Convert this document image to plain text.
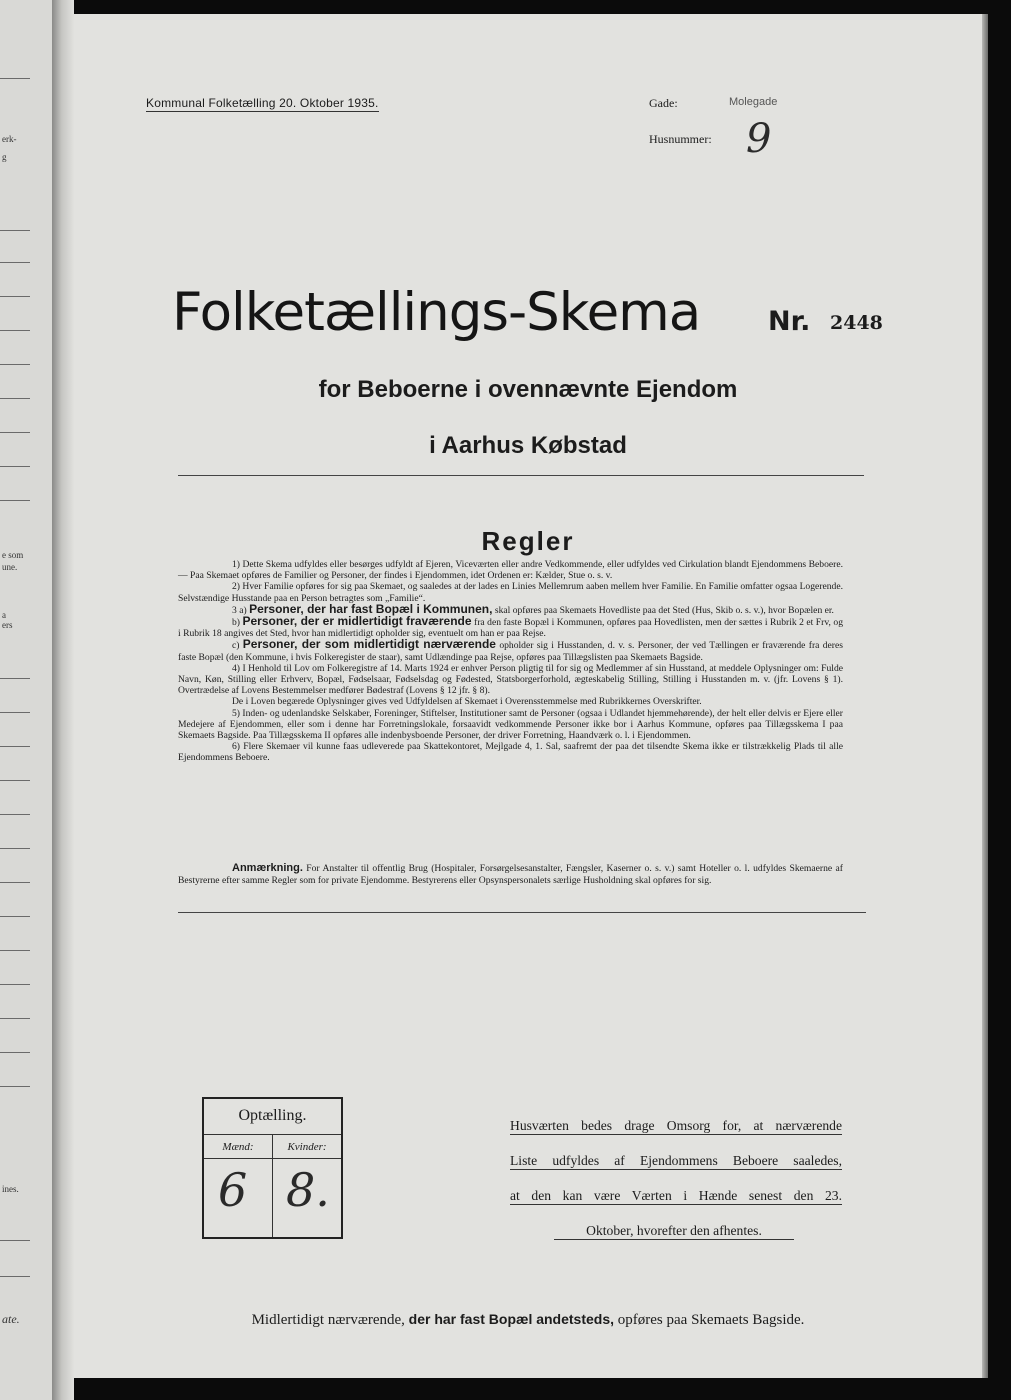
erk-
g
e som
une.
a
ers
ines.
ate.
Kommunal Folketælling 20. Oktober 1935.	Gade:	Molegade
Husnummer: 9
Folketællings-Skema	Nr. 2448
for Beboerne i ovennævnte Ejendom
i Aarhus Købstad
Regler

1) Dette Skema udfyldes eller besørges udfyldt af Ejeren, Viceværten eller andre Vedkommende, eller udfyldes ved Cirkulation blandt Ejendommens Beboere. — Paa Skemaet opføres de Familier og Personer, der findes i Ejendommen, idet Ordenen er: Kælder, Stue o. s. v.

2) Hver Familie opføres for sig paa Skemaet, og saaledes at der lades en Linies Mellemrum aaben mellem hver Familie. En Familie omfatter ogsaa Logerende. Selvstændige Husstande paa en Person betragtes som „Familie“.

3 a) Personer, der har fast Bopæl i Kommunen, skal opføres paa Skemaets Hovedliste paa det Sted (Hus, Skib o. s. v.), hvor Bopælen er.

b) Personer, der er midlertidigt fraværende fra den faste Bopæl i Kommunen, opføres paa Hovedlisten, men der sættes i Rubrik 2 et Frv, og i Rubrik 18 angives det Sted, hvor han midlertidigt opholder sig, eventuelt om han er paa Rejse.

c) Personer, der som midlertidigt nærværende opholder sig i Husstanden, d. v. s. Personer, der ved Tællingen er fraværende fra deres faste Bopæl (den Kommune, i hvis Folkeregister de staar), samt Udlændinge paa Rejse, opføres paa Tillægslisten paa Skemaets Bagside.

4) I Henhold til Lov om Folkeregistre af 14. Marts 1924 er enhver Person pligtig til for sig og Medlemmer af sin Husstand, at meddele Oplysninger om: Fulde Navn, Køn, Stilling eller Erhverv, Bopæl, Fødselsaar, Fødselsdag og Fødested, Statsborgerforhold, ægteskabelig Stilling, Stilling i Husstanden m. v. (jfr. Lovens § 1). Overtrædelse af Lovens Bestemmelser medfører Bødestraf (Lovens § 12 jfr. § 8).

De i Loven begærede Oplysninger gives ved Udfyldelsen af Skemaet i Overensstemmelse med Rubrikkernes Overskrifter.

5) Inden- og udenlandske Selskaber, Foreninger, Stiftelser, Institutioner samt de Personer (ogsaa i Udlandet hjemmehørende), der helt eller delvis er Ejere eller Medejere af Ejendommen, eller som i denne har Forretningslokale, forsaavidt vedkommende Personer ikke bor i Aarhus Kommune, opføres paa Tillægsskema I paa Skemaets Bagside. Paa Tillægsskema II opføres alle indenbysboende Personer, der driver Forretning, Haandværk o. l. i Ejendommen.

6) Flere Skemaer vil kunne faas udleverede paa Skattekontoret, Mejlgade 4, 1. Sal, saafremt der paa det tilsendte Skema ikke er tilstrækkelig Plads til alle Ejendommens Beboere.

Anmærkning. For Anstalter til offentlig Brug (Hospitaler, Forsørgelsesanstalter, Fængsler, Kaserner o. s. v.) samt Hoteller o. l. udfyldes Skemaerne af Bestyrerne efter samme Regler som for private Ejendomme. Bestyrerens eller Opsynspersonalets særlige Husholdning skal opføres for sig.

Optælling.
Mænd:	Kvinder:
6 8.
Husværten bedes drage Omsorg for, at nærværende
Liste udfyldes af Ejendommens Beboere saaledes,
at den kan være Værten i Hænde senest den 23.
Oktober, hvorefter den afhentes.
Midlertidigt nærværende, der har fast Bopæl andetsteds, opføres paa Skemaets Bagside.
